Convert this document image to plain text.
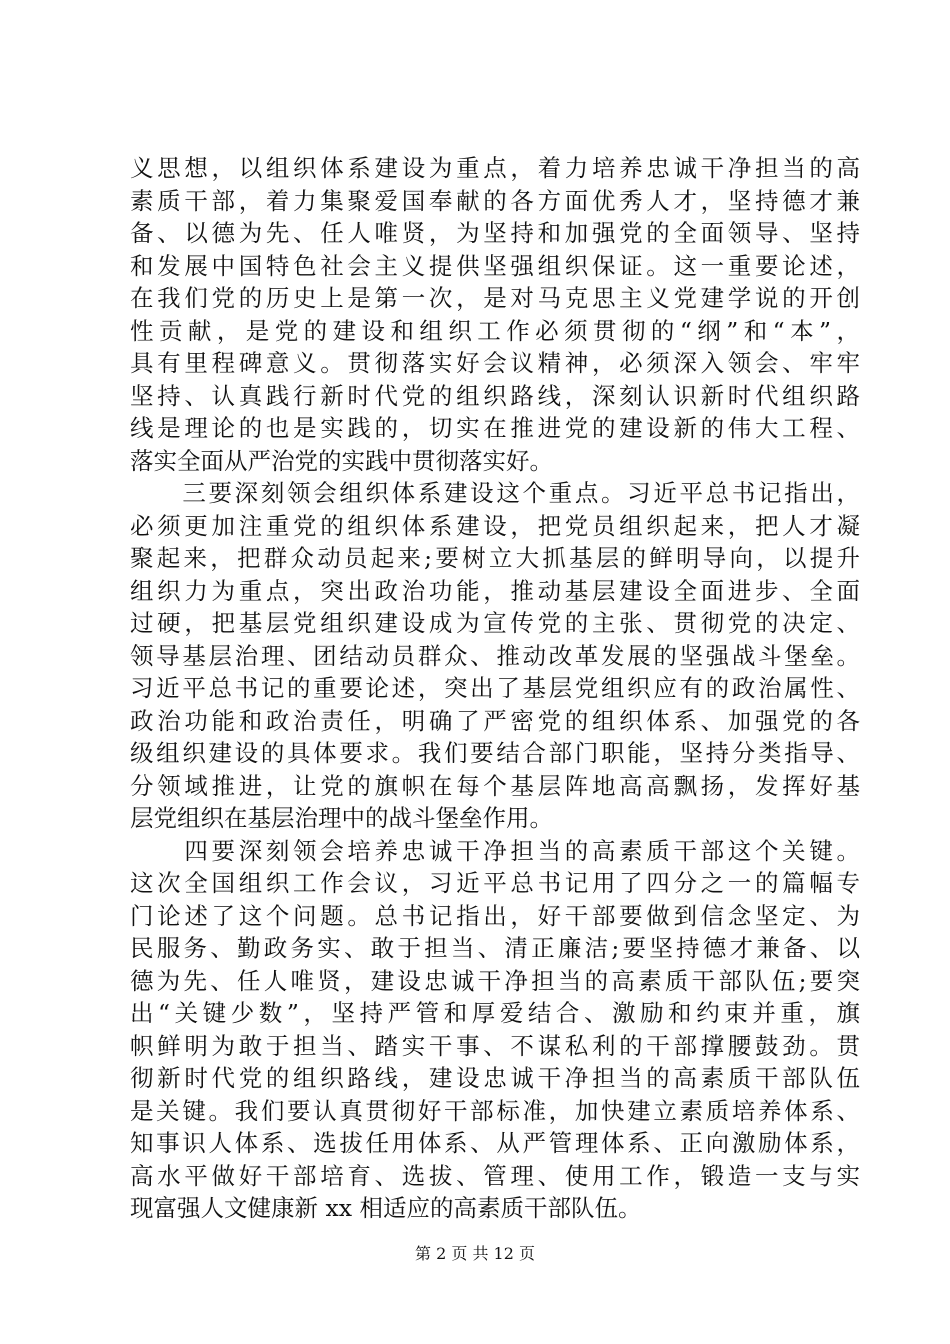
义思想，以组织体系建设为重点，着力培养忠诚干净担当的高
素质干部，着力集聚爱国奉献的各方面优秀人才，坚持德才兼
备、以德为先、任人唯贤，为坚持和加强党的全面领导、坚持
和发展中国特色社会主义提供坚强组织保证。这一重要论述，
在我们党的历史上是第一次，是对马克思主义党建学说的开创
性贡献，是党的建设和组织工作必须贯彻的“纲”和“本”，
具有里程碑意义。贯彻落实好会议精神，必须深入领会、牢牢
坚持、认真践行新时代党的组织路线，深刻认识新时代组织路
线是理论的也是实践的，切实在推进党的建设新的伟大工程、
落实全面从严治党的实践中贯彻落实好。
　　三要深刻领会组织体系建设这个重点。习近平总书记指出，
必须更加注重党的组织体系建设，把党员组织起来，把人才凝
聚起来，把群众动员起来;要树立大抓基层的鲜明导向，以提升
组织力为重点，突出政治功能，推动基层建设全面进步、全面
过硬，把基层党组织建设成为宣传党的主张、贯彻党的决定、
领导基层治理、团结动员群众、推动改革发展的坚强战斗堡垒。
习近平总书记的重要论述，突出了基层党组织应有的政治属性、
政治功能和政治责任，明确了严密党的组织体系、加强党的各
级组织建设的具体要求。我们要结合部门职能，坚持分类指导、
分领域推进，让党的旗帜在每个基层阵地高高飘扬，发挥好基
层党组织在基层治理中的战斗堡垒作用。
　　四要深刻领会培养忠诚干净担当的高素质干部这个关键。
这次全国组织工作会议，习近平总书记用了四分之一的篇幅专
门论述了这个问题。总书记指出，好干部要做到信念坚定、为
民服务、勤政务实、敢于担当、清正廉洁;要坚持德才兼备、以
德为先、任人唯贤，建设忠诚干净担当的高素质干部队伍;要突
出“关键少数”，坚持严管和厚爱结合、激励和约束并重，旗
帜鲜明为敢于担当、踏实干事、不谋私利的干部撑腰鼓劲。贯
彻新时代党的组织路线，建设忠诚干净担当的高素质干部队伍
是关键。我们要认真贯彻好干部标准，加快建立素质培养体系、
知事识人体系、选拔任用体系、从严管理体系、正向激励体系，
高水平做好干部培育、选拔、管理、使用工作，锻造一支与实
现富强人文健康新 xx 相适应的高素质干部队伍。
第 2 页 共 12 页
